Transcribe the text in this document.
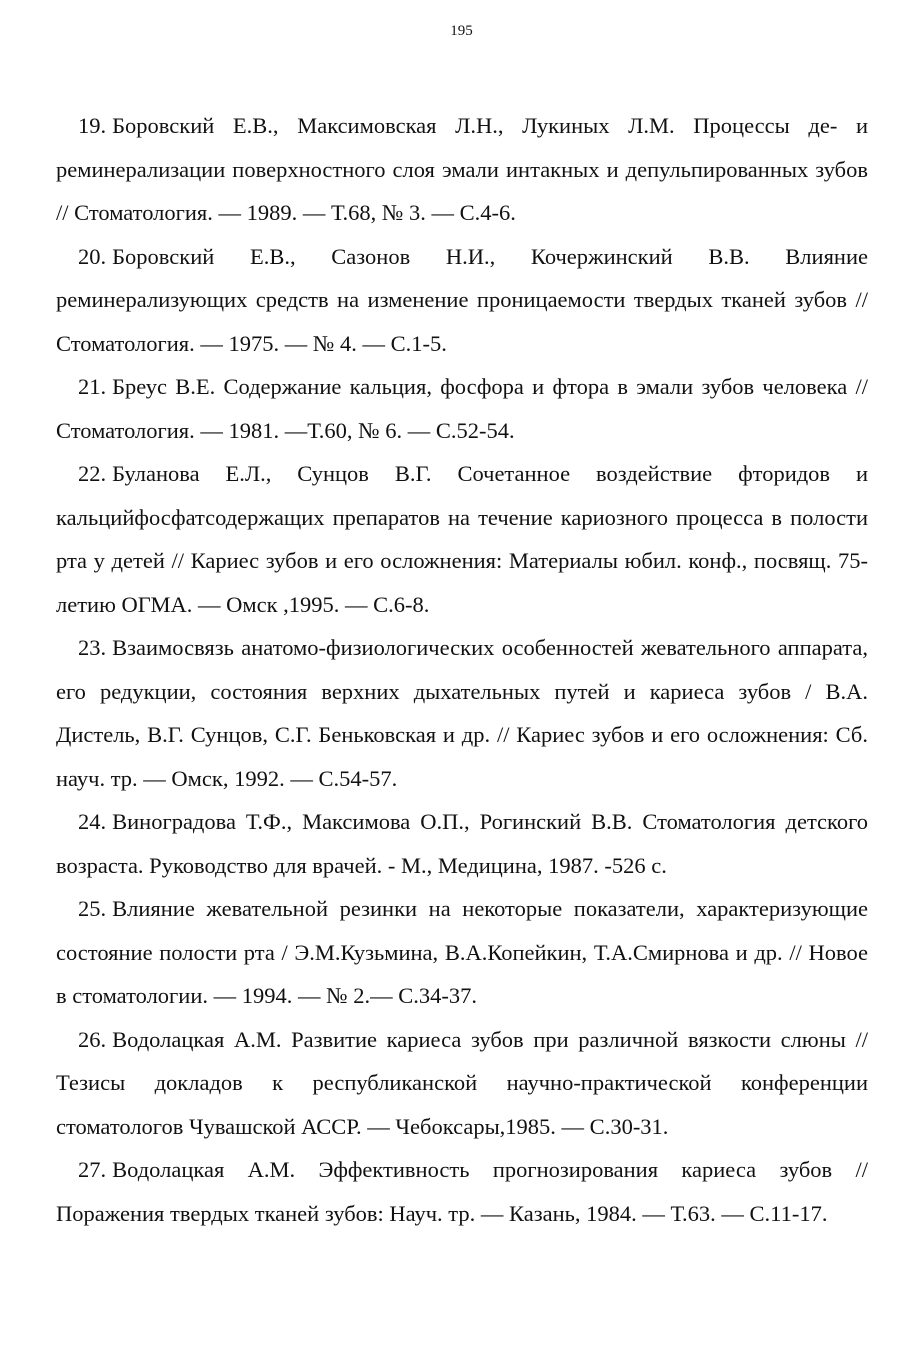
195
19. Боровский Е.В., Максимовская Л.Н., Лукиных Л.М. Процессы де- и реминерализации поверхностного слоя эмали интакных и депульпированных зубов // Стоматология. — 1989. — Т.68, № 3. — С.4-6.
20. Боровский Е.В., Сазонов Н.И., Кочержинский В.В. Влияние реминерализующих средств на изменение проницаемости твердых тканей зубов // Стоматология. — 1975. — № 4. — С.1-5.
21. Бреус В.Е. Содержание кальция, фосфора и фтора в эмали зубов человека // Стоматология. — 1981. —Т.60, № 6. — С.52-54.
22. Буланова Е.Л., Сунцов В.Г. Сочетанное воздействие фторидов и кальцийфосфатсодержащих препаратов на течение кариозного процесса в полости рта у детей // Кариес зубов и его осложнения: Материалы юбил. конф., посвящ. 75-летию ОГМА. — Омск ,1995. — С.6-8.
23. Взаимосвязь анатомо-физиологических особенностей жевательного аппарата, его редукции, состояния верхних дыхательных путей и кариеса зубов / В.А. Дистель, В.Г. Сунцов, С.Г. Беньковская и др. // Кариес зубов и его осложнения: Сб. науч. тр. — Омск, 1992. — С.54-57.
24. Виноградова Т.Ф., Максимова О.П., Рогинский В.В. Стоматология детского возраста. Руководство для врачей. - М., Медицина, 1987. -526 с.
25. Влияние жевательной резинки на некоторые показатели, характеризующие состояние полости рта / Э.М.Кузьмина, В.А.Копейкин, Т.А.Смирнова и др. // Новое в стоматологии. — 1994. — № 2.— С.34-37.
26. Водолацкая А.М. Развитие кариеса зубов при различной вязкости слюны // Тезисы докладов к республиканской научно-практической конференции стоматологов Чувашской АССР. — Чебоксары,1985. — С.30-31.
27. Водолацкая А.М. Эффективность прогнозирования кариеса зубов // Поражения твердых тканей зубов: Науч. тр. — Казань, 1984. — Т.63. — С.11-17.
